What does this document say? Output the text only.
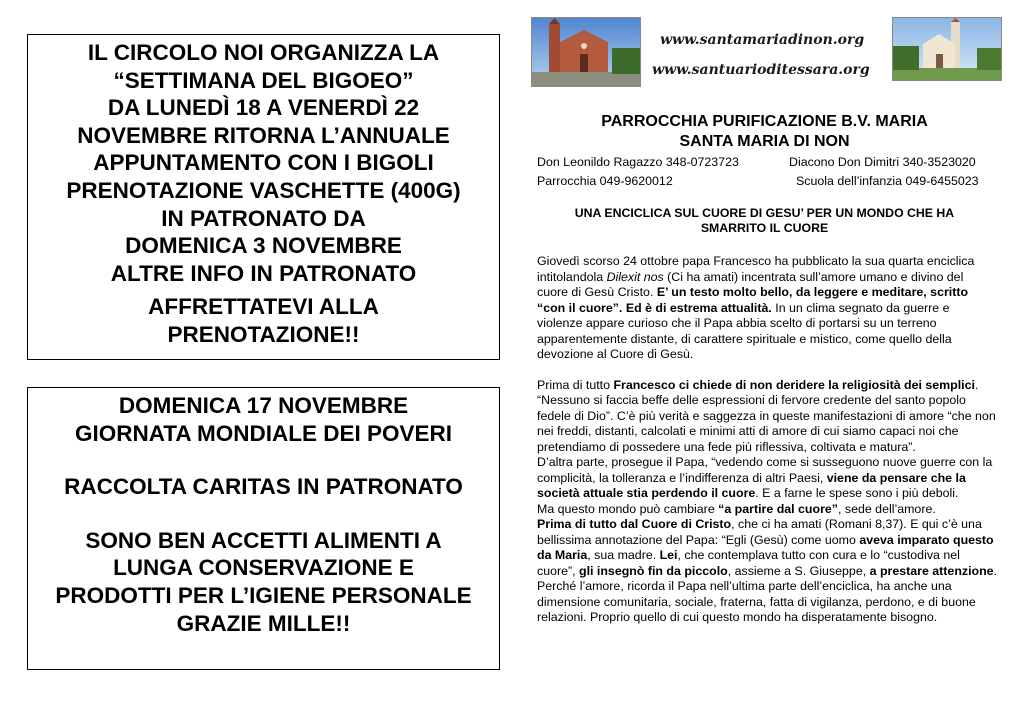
IL CIRCOLO NOI ORGANIZZA LA

“SETTIMANA DEL BIGOEO”

DA LUNEDÌ 18 A VENERDÌ 22

NOVEMBRE RITORNA L’ANNUALE

APPUNTAMENTO CON I BIGOLI

PRENOTAZIONE VASCHETTE (400G)

IN PATRONATO DA

DOMENICA 3 NOVEMBRE

ALTRE INFO IN PATRONATO

AFFRETTATEVI ALLA

PRENOTAZIONE!!

DOMENICA 17 NOVEMBRE

GIORNATA MONDIALE DEI POVERI

RACCOLTA CARITAS IN PATRONATO

SONO BEN ACCETTI ALIMENTI A

LUNGA CONSERVAZIONE E

PRODOTTI PER L’IGIENE PERSONALE

GRAZIE MILLE!!

www.santamariadinon.org
www.santuarioditessara.org
PARROCCHIA PURIFICAZIONE B.V. MARIA
SANTA MARIA DI NON
Don Leonildo Ragazzo 348-0723723	Diacono Don Dimitri 340-3523020
Parrocchia 049-9620012	Scuola dell’infanzia 049-6455023
UNA ENCICLICA SUL CUORE DI GESU’ PER UN MONDO CHE HA
SMARRITO IL CUORE

Giovedì scorso 24 ottobre papa Francesco ha pubblicato la sua quarta enciclica intitolandola Dilexit nos (Ci ha amati) incentrata sull’amore umano e divino del cuore di Gesù Cristo. E’ un testo molto bello, da leggere e meditare, scritto “con il cuore”. Ed è di estrema attualità. In un clima segnato da guerre e violenze appare curioso che il Papa abbia scelto di portarsi su un terreno apparentemente distante, di carattere spirituale e mistico, come quello della devozione al Cuore di Gesù.

Prima di tutto Francesco ci chiede di non deridere la religiosità dei semplici. “Nessuno si faccia beffe delle espressioni di fervore credente del santo popolo fedele di Dio”. C’è più verità e saggezza in queste manifestazioni di amore “che non nei freddi, distanti, calcolati e minimi atti di amore di cui siamo capaci noi che pretendiamo di possedere una fede più riflessiva, coltivata e matura”.

D’altra parte, prosegue il Papa, “vedendo come si susseguono nuove guerre con la complicità, la tolleranza e l’indifferenza di altri Paesi, viene da pensare che la società attuale stia perdendo il cuore. E a farne le spese sono i più deboli.

Ma questo mondo può cambiare “a partire dal cuore”, sede dell’amore.

Prima di tutto dal Cuore di Cristo, che ci ha amati (Romani 8,37). E qui c’è una bellissima annotazione del Papa: “Egli (Gesù) come uomo aveva imparato questo da Maria, sua madre. Lei, che contemplava tutto con cura e lo “custodiva nel cuore”, gli insegnò fin da piccolo, assieme a S. Giuseppe, a prestare attenzione. Perché l’amore, ricorda il Papa nell’ultima parte dell’enciclica, ha anche una dimensione comunitaria, sociale, fraterna, fatta di vigilanza, perdono, e di buone relazioni. Proprio quello di cui questo mondo ha disperatamente bisogno.
